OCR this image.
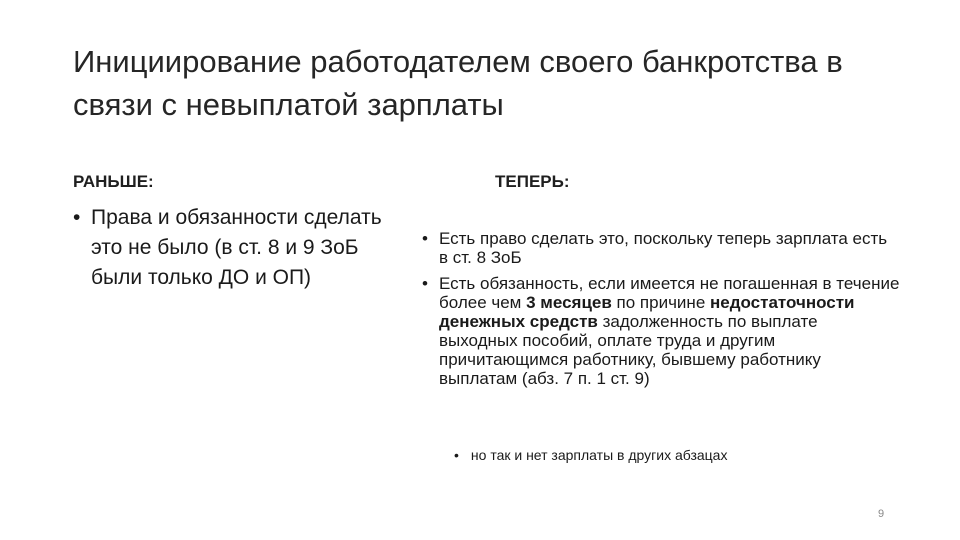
Инициирование работодателем своего банкротства в связи с невыплатой зарплаты
РАНЬШЕ:	ТЕПЕРЬ:
• Права и обязанности сделать это не было (в ст. 8 и 9 ЗоБ были только ДО и ОП)
• Есть право сделать это, поскольку теперь зарплата есть в ст. 8 ЗоБ
• Есть обязанность, если имеется не погашенная в течение более чем 3 месяцев по причине недостаточности денежных средств задолженность по выплате выходных пособий, оплате труда и другим причитающимся работнику, бывшему работнику выплатам (абз. 7 п. 1 ст. 9)
• но так и нет зарплаты в других абзацах
9
